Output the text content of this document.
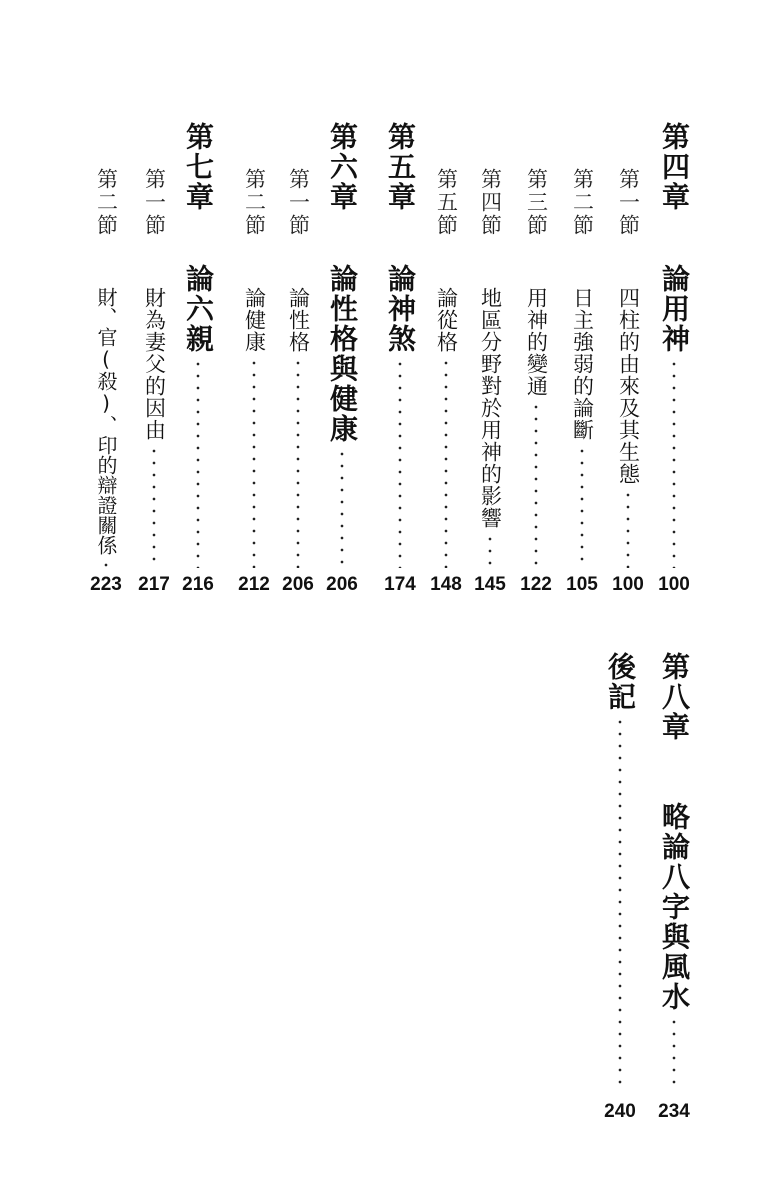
第四章
論用神
100
第一節
四柱的由來及其生態
100
第二節
日主強弱的論斷
105
第三節
用神的變通
122
第四節
地區分野對於用神的影響
145
第五節
論從格
148
第五章
論神煞
174
第六章
論性格與健康
206
第一節
論性格
206
第二節
論健康
212
第七章
論六親
216
第一節
財為妻父的因由
217
第二節
財、官(殺)、印的辯證關係
223
第八章
略論八字與風水
234
後記
240
